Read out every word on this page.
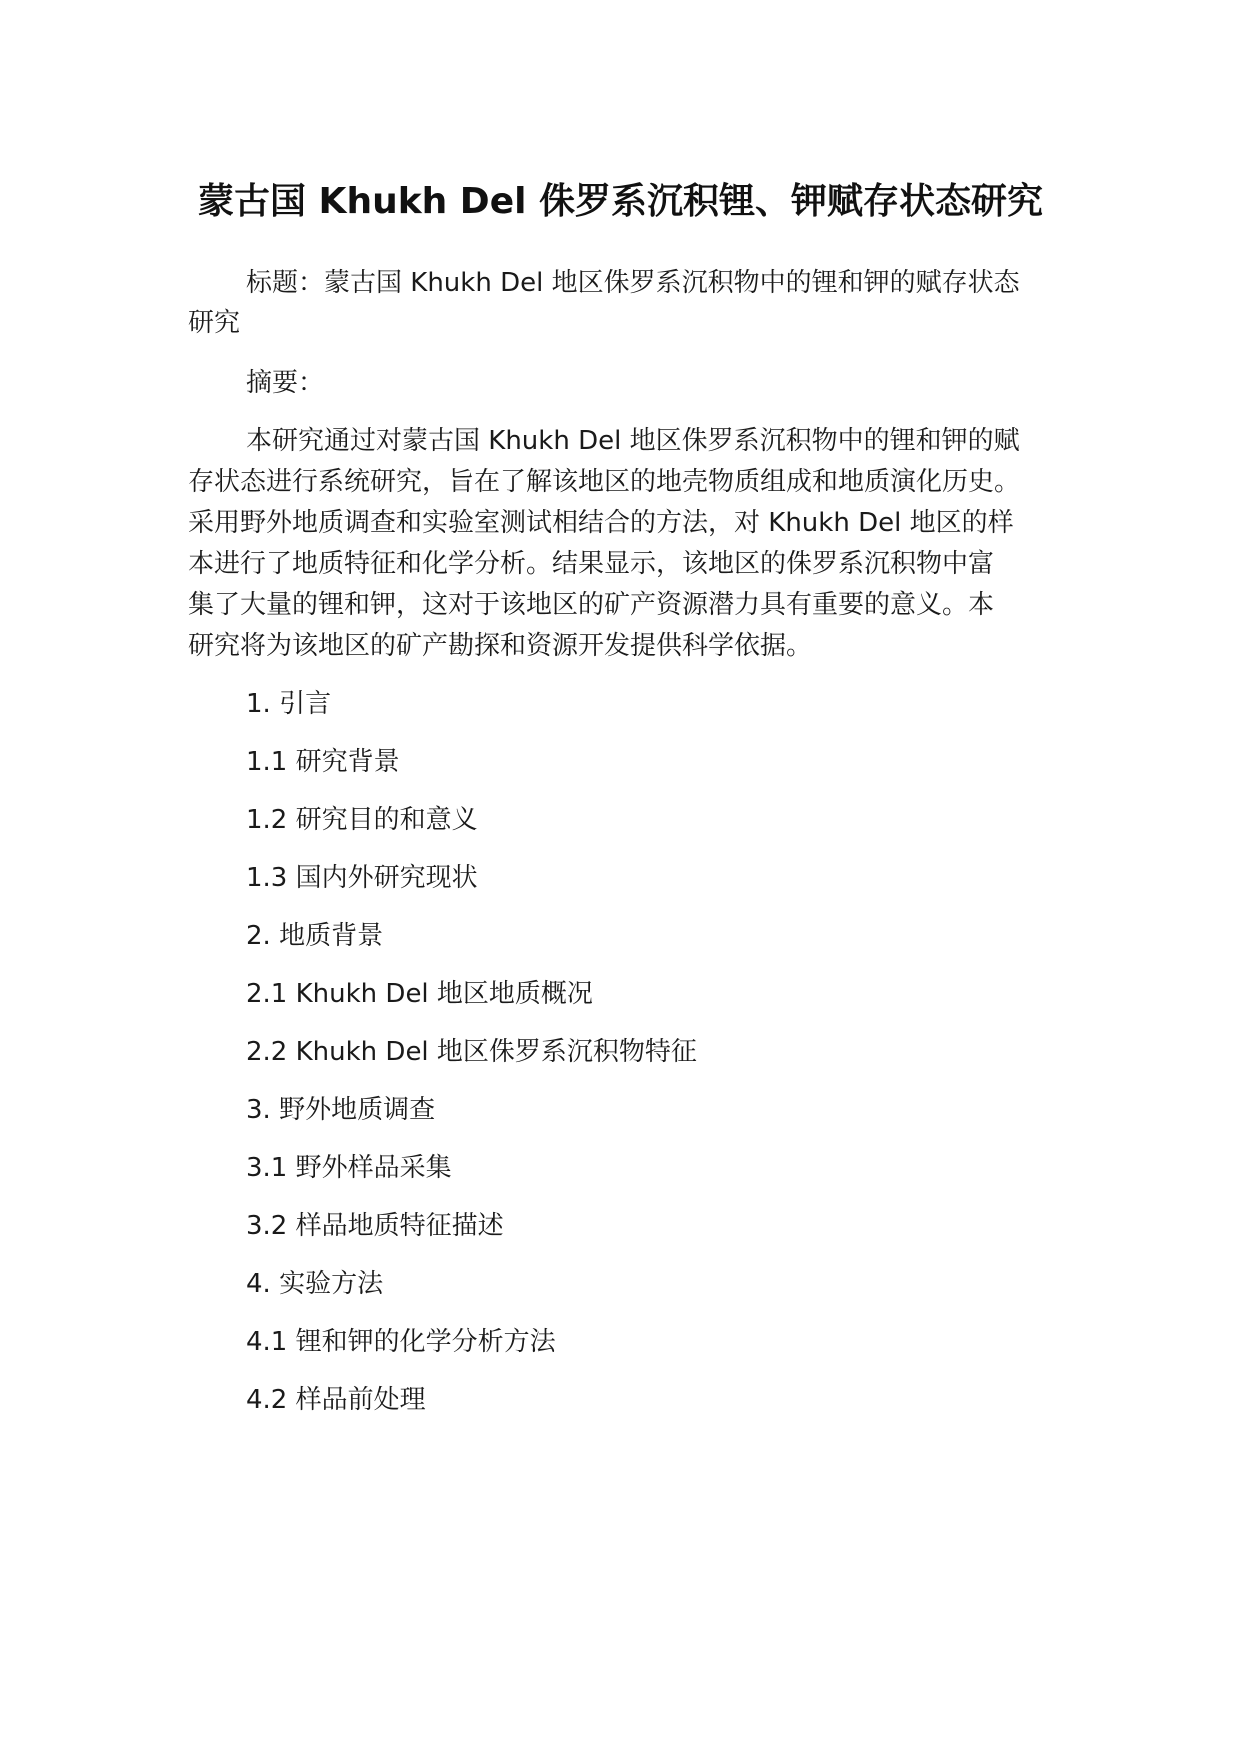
蒙古国 Khukh Del 侏罗系沉积锂、钾赋存状态研究

标题：蒙古国 Khukh Del 地区侏罗系沉积物中的锂和钾的赋存状态
研究

摘要：

本研究通过对蒙古国 Khukh Del 地区侏罗系沉积物中的锂和钾的赋
存状态进行系统研究，旨在了解该地区的地壳物质组成和地质演化历史。
采用野外地质调查和实验室测试相结合的方法，对 Khukh Del 地区的样
本进行了地质特征和化学分析。结果显示，该地区的侏罗系沉积物中富
集了大量的锂和钾，这对于该地区的矿产资源潜力具有重要的意义。本
研究将为该地区的矿产勘探和资源开发提供科学依据。

1. 引言

1.1 研究背景

1.2 研究目的和意义

1.3 国内外研究现状

2. 地质背景

2.1 Khukh Del 地区地质概况

2.2 Khukh Del 地区侏罗系沉积物特征

3. 野外地质调查

3.1 野外样品采集

3.2 样品地质特征描述

4. 实验方法

4.1 锂和钾的化学分析方法

4.2 样品前处理
